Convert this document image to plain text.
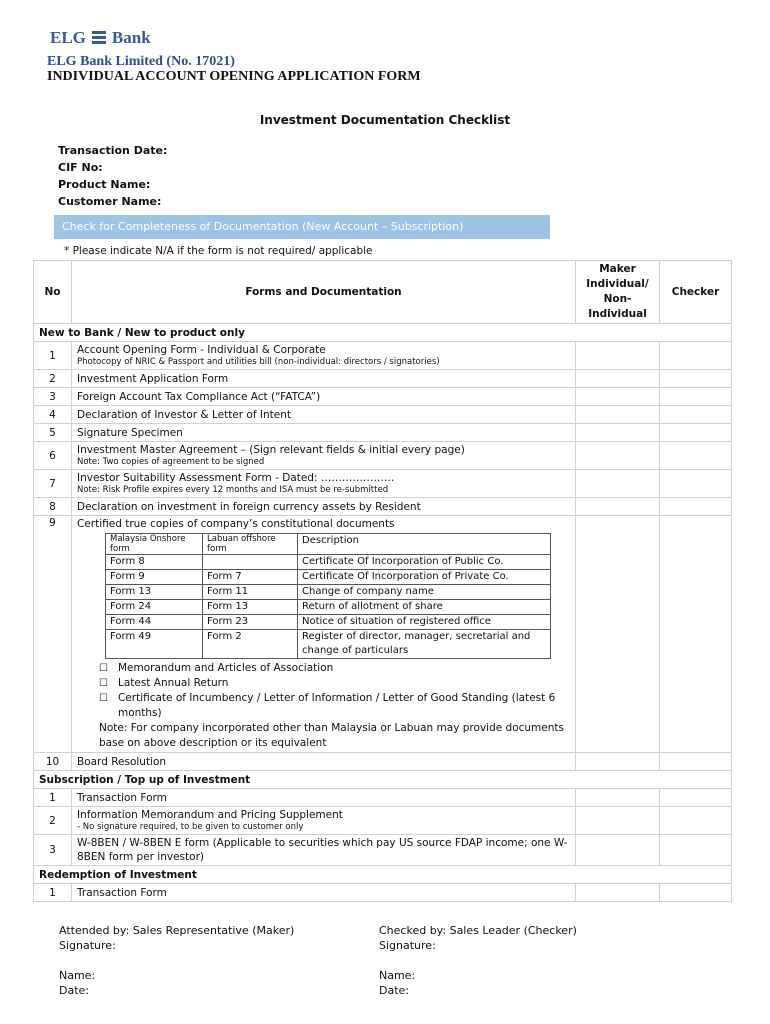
ELG Bank
ELG Bank Limited (No. 17021)
INDIVIDUAL ACCOUNT OPENING APPLICATION FORM
Investment Documentation Checklist
Transaction Date:
CIF No:
Product Name:
Customer Name:
Check for Completeness of Documentation (New Account – Subscription)
* Please indicate N/A if the form is not required/ applicable
No	Forms and Documentation	Maker Individual/ Non-Individual	Checker
New to Bank / New to product only
1	Account Opening Form - Individual & Corporate
Photocopy of NRIC & Passport and utilities bill (non-individual: directors / signatories)

2	Investment Application Form

3	Foreign Account Tax Compliance Act (“FATCA”)

4	Declaration of Investor & Letter of Intent

5	Signature Specimen

6	Investment Master Agreement – (Sign relevant fields & initial every page)
Note: Two copies of agreement to be signed

7	Investor Suitability Assessment Form - Dated: …………………
Note: Risk Profile expires every 12 months and ISA must be re-submitted

8	Declaration on investment in foreign currency assets by Resident

9	Certified true copies of company’s constitutional documents
Malaysia Onshore form	Labuan offshore form	Description
Form 8		Certificate Of Incorporation of Public Co.
Form 9	Form 7	Certificate Of Incorporation of Private Co.
Form 13	Form 11	Change of company name
Form 24	Form 13	Return of allotment of share
Form 44	Form 23	Notice of situation of registered office
Form 49	Form 2	Register of director, manager, secretarial and change of particulars
☐ Memorandum and Articles of Association
☐ Latest Annual Return
☐ Certificate of Incumbency / Letter of Information / Letter of Good Standing (latest 6 months)
Note: For company incorporated other than Malaysia or Labuan may provide documents base on above description or its equivalent

10	Board Resolution		
Subscription / Top up of Investment
1	Transaction Form

2	Information Memorandum and Pricing Supplement
- No signature required, to be given to customer only

3	
W-8BEN / W-8BEN E form (Applicable to securities which pay US source FDAP income; one W-8BEN form per investor)

Redemption of Investment
1	Transaction Form

Attended by: Sales Representative (Maker)
Signature:
Name:
Date:
Checked by: Sales Leader (Checker)
Signature:
Name:
Date:
